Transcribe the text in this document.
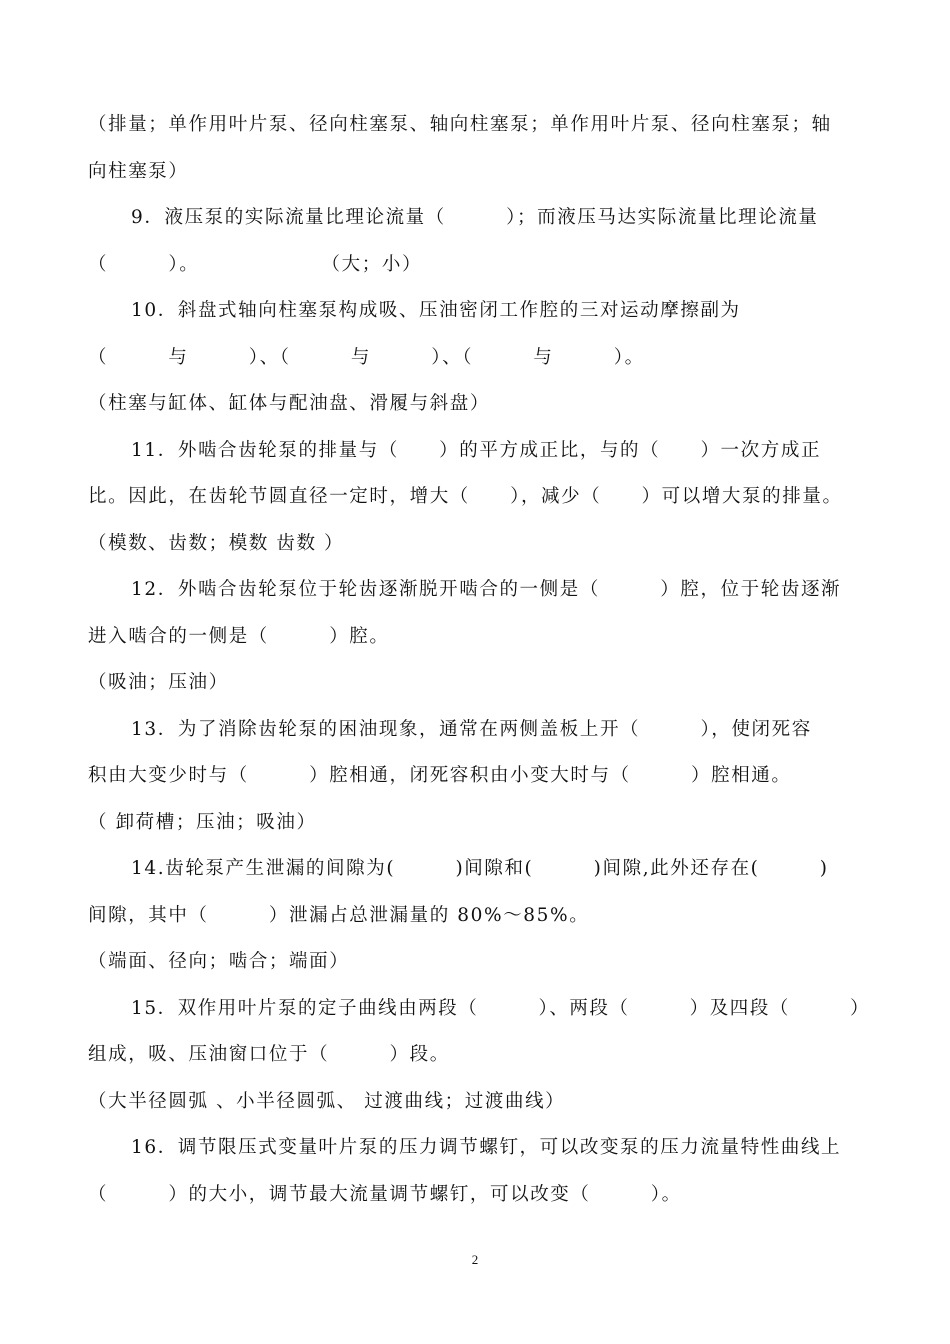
（排量；单作用叶片泵、径向柱塞泵、轴向柱塞泵；单作用叶片泵、径向柱塞泵；轴
向柱塞泵）
9．液压泵的实际流量比理论流量（　　　）；而液压马达实际流量比理论流量
（　　　）。　　　　　　　（大；小）
10．斜盘式轴向柱塞泵构成吸、压油密闭工作腔的三对运动摩擦副为
（　　　与　　　）、（　　　与　　　）、（　　　与　　　）。
（柱塞与缸体、缸体与配油盘、滑履与斜盘）
11．外啮合齿轮泵的排量与（　　）的平方成正比，与的（　　）一次方成正
比。因此，在齿轮节圆直径一定时，增大（　　），减少（　　）可以增大泵的排量。
（模数、齿数；模数 齿数 ）
12．外啮合齿轮泵位于轮齿逐渐脱开啮合的一侧是（　　　）腔，位于轮齿逐渐
进入啮合的一侧是（　　　）腔。
（吸油；压油）
13．为了消除齿轮泵的困油现象，通常在两侧盖板上开（　　　），使闭死容
积由大变少时与（　　　）腔相通，闭死容积由小变大时与（　　　）腔相通。
（ 卸荷槽；压油；吸油）
14.齿轮泵产生泄漏的间隙为(　　　)间隙和(　　　)间隙,此外还存在(　　　)
间隙，其中（　　　）泄漏占总泄漏量的 80%～85%。
（端面、径向；啮合；端面）
15．双作用叶片泵的定子曲线由两段（　　　）、两段（　　　）及四段（　　　）
组成，吸、压油窗口位于（　　　）段。
（大半径圆弧 、小半径圆弧、 过渡曲线；过渡曲线）
16．调节限压式变量叶片泵的压力调节螺钉，可以改变泵的压力流量特性曲线上
（　　　）的大小，调节最大流量调节螺钉，可以改变（　　　）。
2
